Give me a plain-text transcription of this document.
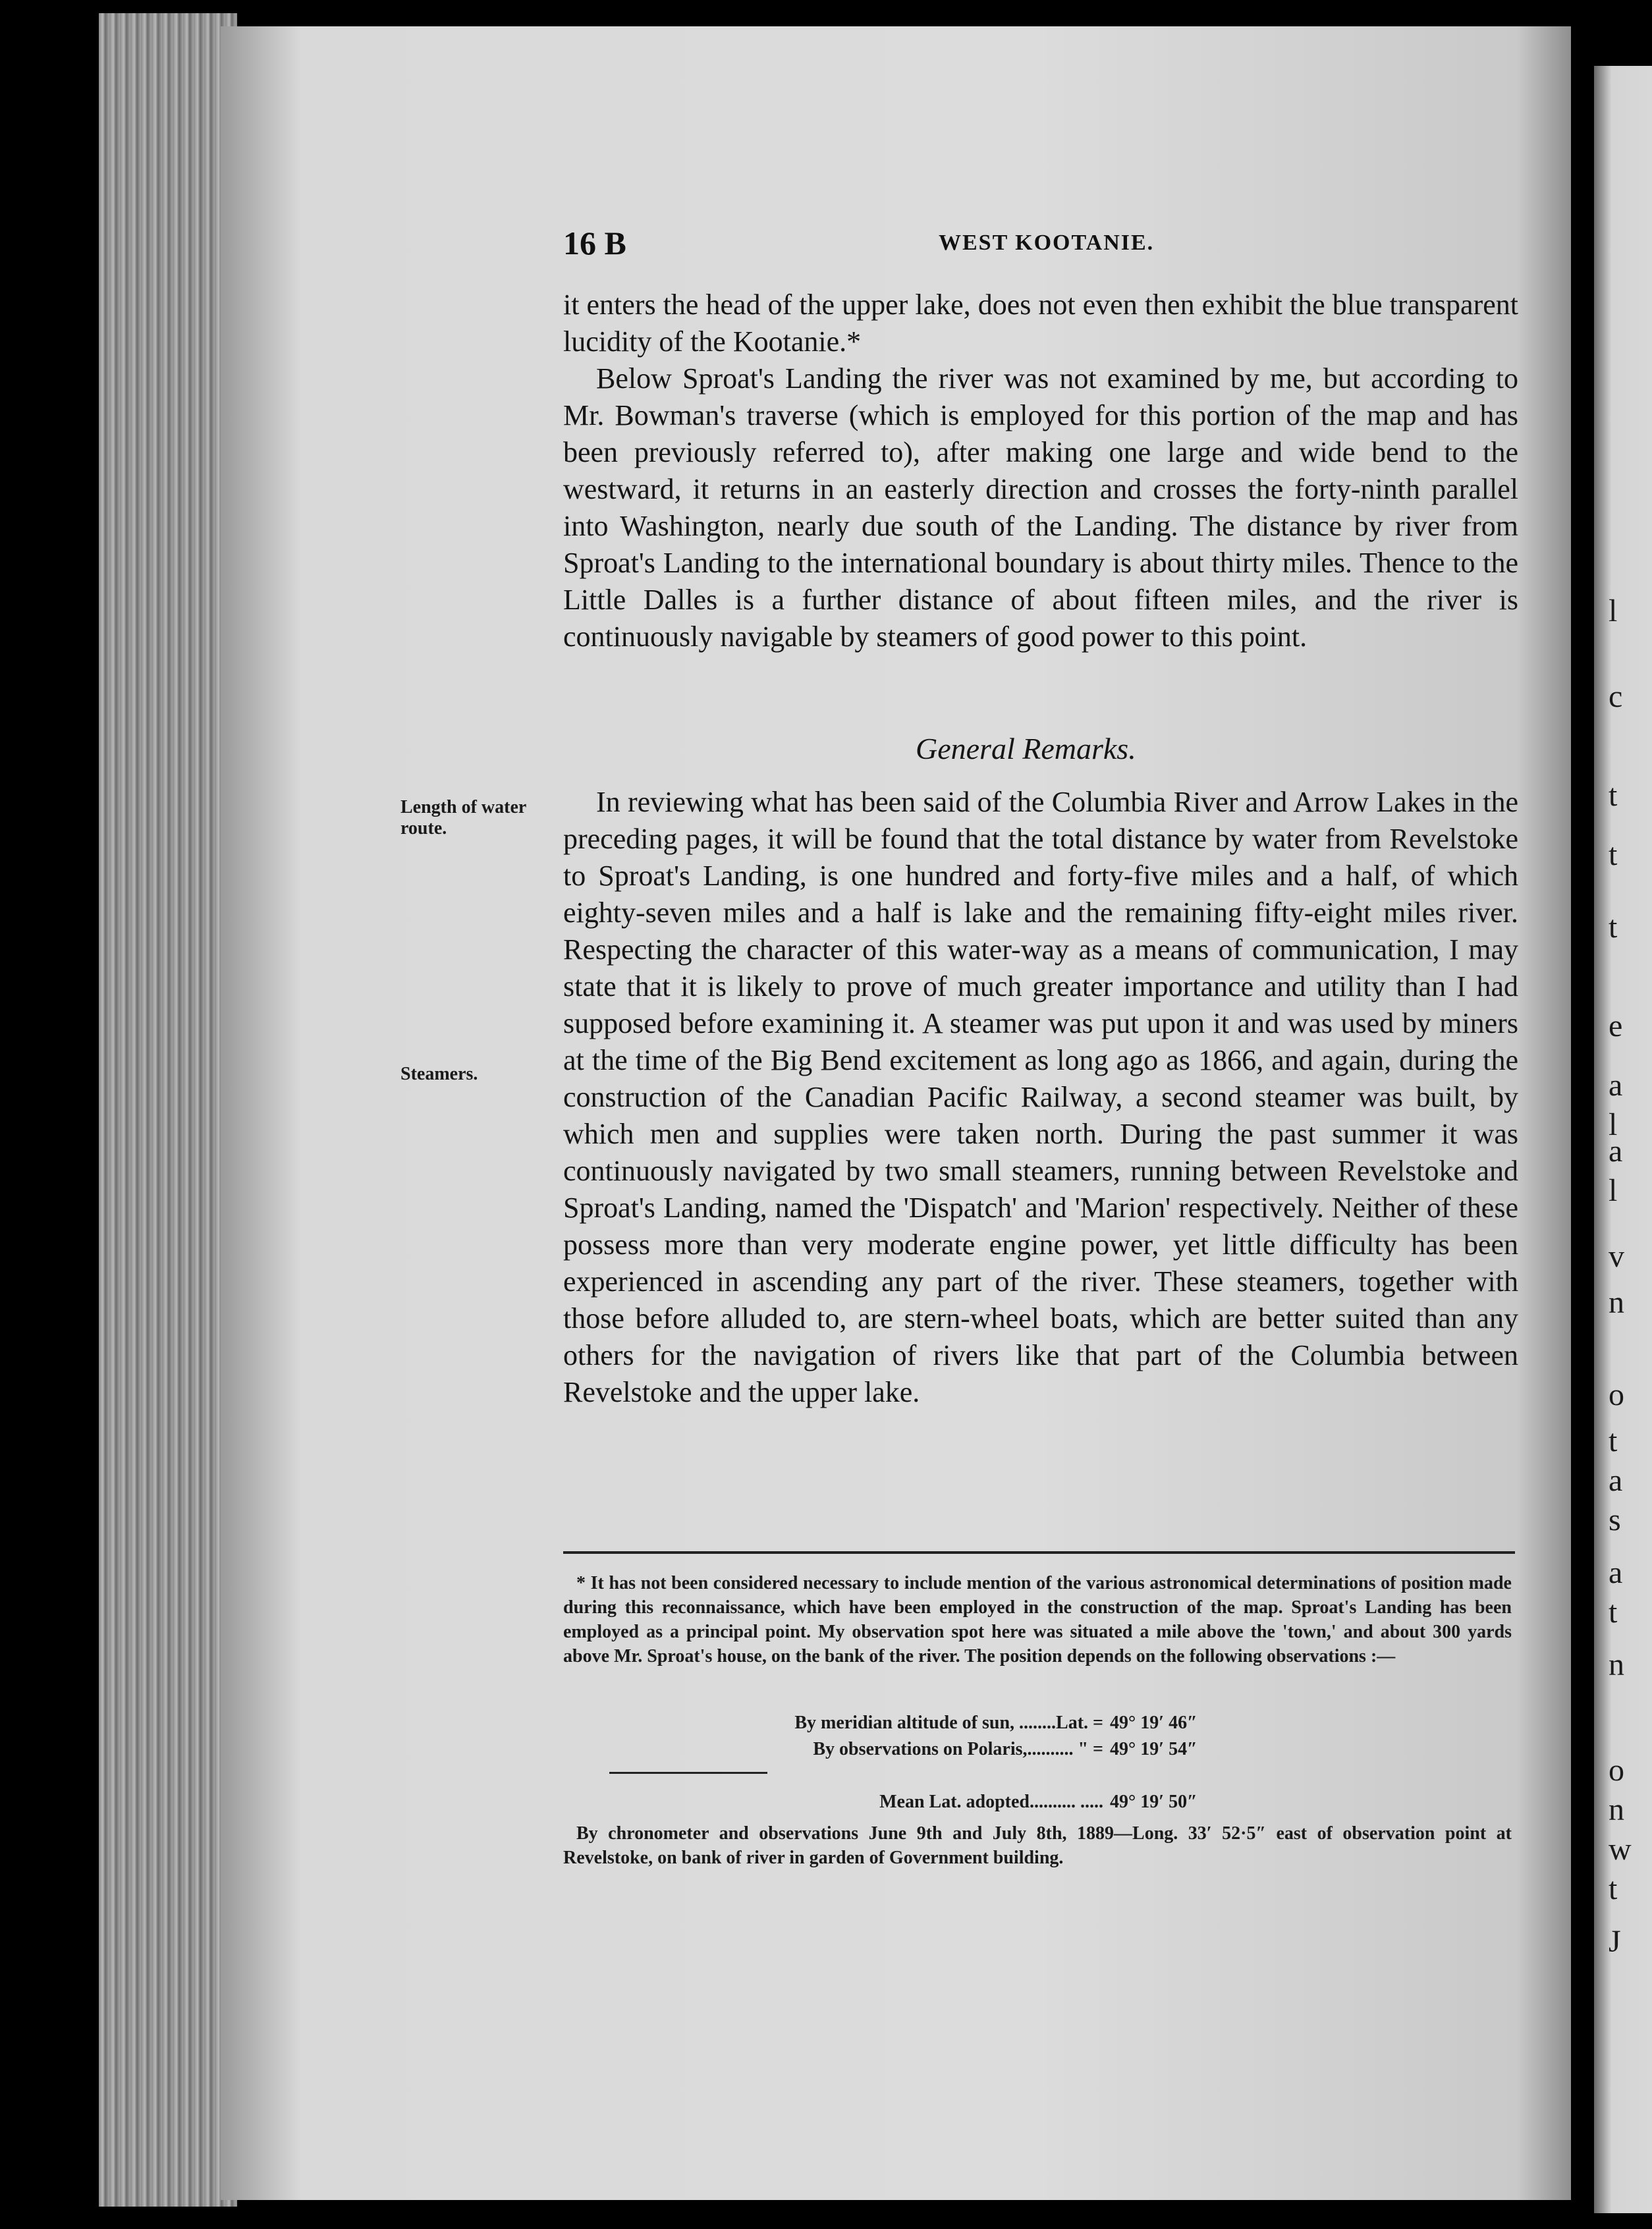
l
c
t
t
t
e
a
l
a
l
v
n
o
t
a
s
a
t
n
o
n
w
t
J
16 B	WEST KOOTANIE.

it enters the head of the upper lake, does not even then exhibit the blue transparent lucidity of the Kootanie.*

Below Sproat's Landing the river was not examined by me, but according to Mr. Bowman's traverse (which is employed for this portion of the map and has been previously referred to), after making one large and wide bend to the westward, it returns in an easterly direction and crosses the forty-ninth parallel into Washington, nearly due south of the Landing. The distance by river from Sproat's Landing to the international boundary is about thirty miles. Thence to the Little Dalles is a further distance of about fifteen miles, and the river is continuously navigable by steamers of good power to this point.

General Remarks.
Length of water
route.
Steamers.

In reviewing what has been said of the Columbia River and Arrow Lakes in the preceding pages, it will be found that the total distance by water from Revelstoke to Sproat's Landing, is one hundred and forty-five miles and a half, of which eighty-seven miles and a half is lake and the remaining fifty-eight miles river. Respecting the character of this water-way as a means of communication, I may state that it is likely to prove of much greater importance and utility than I had supposed before examining it. A steamer was put upon it and was used by miners at the time of the Big Bend excitement as long ago as 1866, and again, during the construction of the Canadian Pacific Railway, a second steamer was built, by which men and supplies were taken north. During the past summer it was continuously navigated by two small steamers, running between Revelstoke and Sproat's Landing, named the 'Dispatch' and 'Marion' respectively. Neither of these possess more than very moderate engine power, yet little difficulty has been experienced in ascending any part of the river. These steamers, together with those before alluded to, are stern-wheel boats, which are better suited than any others for the navigation of rivers like that part of the Columbia between Revelstoke and the upper lake.

* It has not been considered necessary to include mention of the various astronomical determinations of position made during this reconnaissance, which have been employed in the construction of the map. Sproat's Landing has been employed as a principal point. My observation spot here was situated a mile above the 'town,' and about 300 yards above Mr. Sproat's house, on the bank of the river. The position depends on the following observations :—

By meridian altitude of sun, ........Lat. = 49° 19′ 46″
By observations on Polaris,.......... " = 49° 19′ 54″
Mean Lat. adopted.......... ..... 49° 19′ 50″

By chronometer and observations June 9th and July 8th, 1889—Long. 33′ 52·5″ east of observation point at Revelstoke, on bank of river in garden of Government building.
